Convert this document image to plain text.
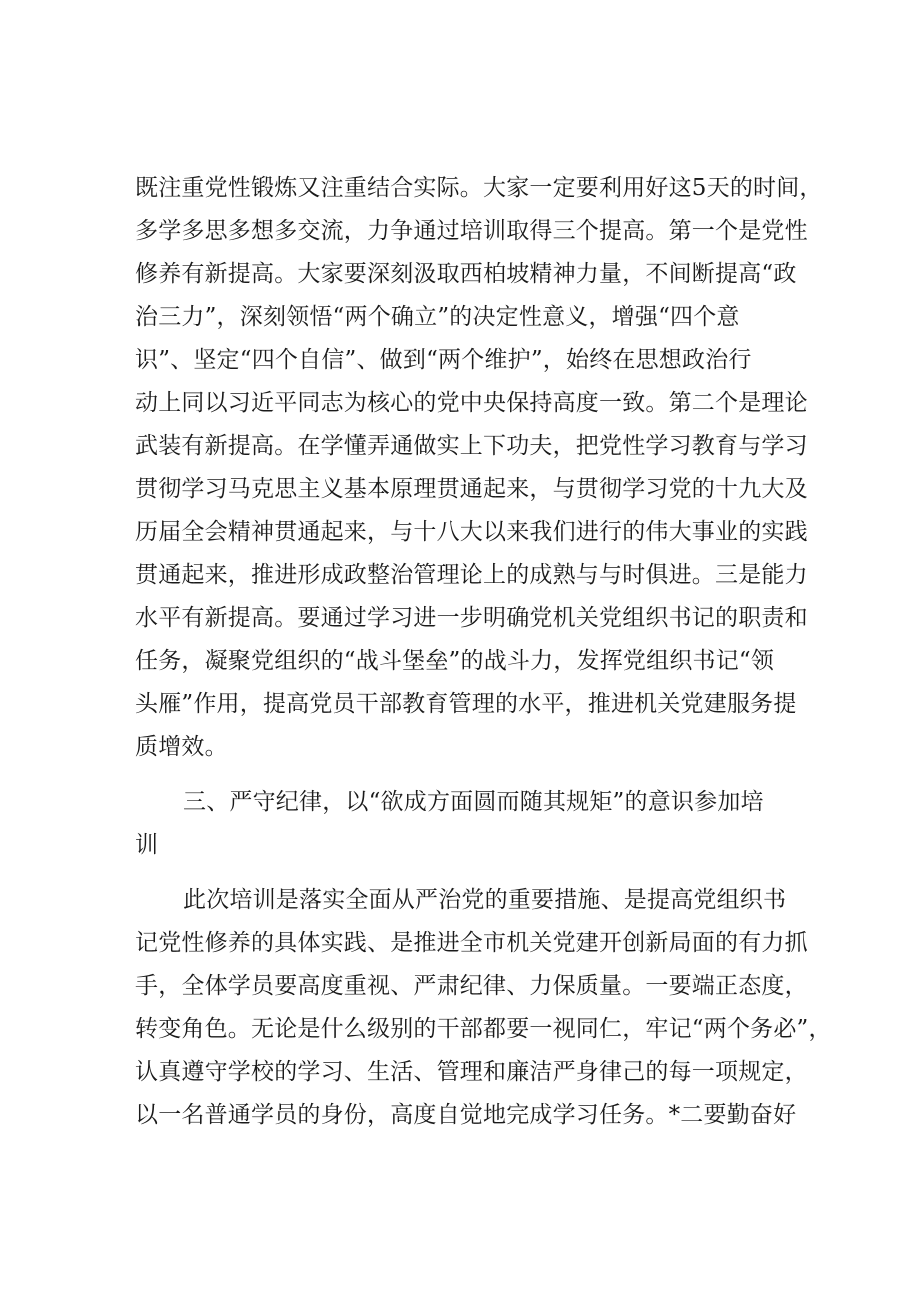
既注重党性锻炼又注重结合实际。大家一定要利用好这5天的时间，
多学多思多想多交流，力争通过培训取得三个提高。第一个是党性
修养有新提高。大家要深刻汲取西柏坡精神力量，不间断提高“政
治三力”，深刻领悟“两个确立”的决定性意义，增强“四个意
识”、坚定“四个自信”、做到“两个维护”，始终在思想政治行
动上同以习近平同志为核心的党中央保持高度一致。第二个是理论
武装有新提高。在学懂弄通做实上下功夫，把党性学习教育与学习
贯彻学习马克思主义基本原理贯通起来，与贯彻学习党的十九大及
历届全会精神贯通起来，与十八大以来我们进行的伟大事业的实践
贯通起来，推进形成政整治管理论上的成熟与与时俱进。三是能力
水平有新提高。要通过学习进一步明确党机关党组织书记的职责和
任务，凝聚党组织的“战斗堡垒”的战斗力，发挥党组织书记“领
头雁”作用，提高党员干部教育管理的水平，推进机关党建服务提
质增效。
三、严守纪律，以“欲成方面圆而随其规矩”的意识参加培
训
此次培训是落实全面从严治党的重要措施、是提高党组织书
记党性修养的具体实践、是推进全市机关党建开创新局面的有力抓
手，全体学员要高度重视、严肃纪律、力保质量。一要端正态度，
转变角色。无论是什么级别的干部都要一视同仁，牢记“两个务必”，
认真遵守学校的学习、生活、管理和廉洁严身律己的每一项规定，
以一名普通学员的身份，高度自觉地完成学习任务。*二要勤奋好
